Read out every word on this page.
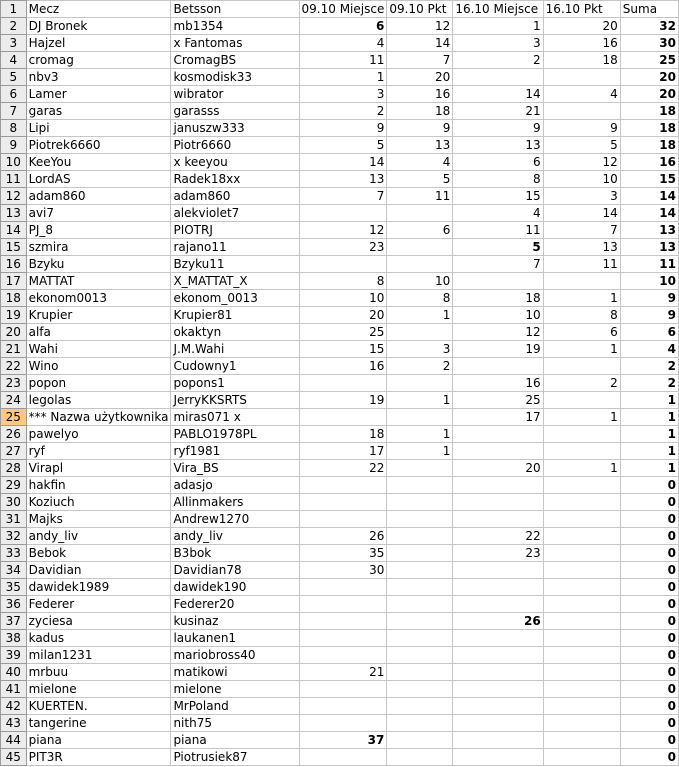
1	Mecz	Betsson	09.10 Miejsce	09.10 Pkt	16.10 Miejsce	16.10 Pkt	Suma
2	DJ Bronek	mb1354	6	12	1	20	32
3	Hajzel	x Fantomas	4	14	3	16	30
4	cromag	CromagBS	11	7	2	18	25
5	nbv3	kosmodisk33	1	20			20
6	Lamer	wibrator	3	16	14	4	20
7	garas	garasss	2	18	21		18
8	Lipi	januszw333	9	9	9	9	18
9	Piotrek6660	Piotr6660	5	13	13	5	18
10	KeeYou	x keeyou	14	4	6	12	16
11	LordAS	Radek18xx	13	5	8	10	15
12	adam860	adam860	7	11	15	3	14
13	avi7	alekviolet7			4	14	14
14	PJ_8	PIOTRJ	12	6	11	7	13
15	szmira	rajano11	23		5	13	13
16	Bzyku	Bzyku11			7	11	11
17	MATTAT	X_MATTAT_X	8	10			10
18	ekonom0013	ekonom_0013	10	8	18	1	9
19	Krupier	Krupier81	20	1	10	8	9
20	alfa	okaktyn	25		12	6	6
21	Wahi	J.M.Wahi	15	3	19	1	4
22	Wino	Cudowny1	16	2			2
23	popon	popons1			16	2	2
24	legolas	JerryKKSRTS	19	1	25		1
25	*** Nazwa użytkownika	miras071 x			17	1	1
26	pawelyo	PABLO1978PL	18	1			1
27	ryf	ryf1981	17	1			1
28	Virapl	Vira_BS	22		20	1	1
29	hakfin	adasjo					0
30	Koziuch	Allinmakers					0
31	Majks	Andrew1270					0
32	andy_liv	andy_liv	26		22		0
33	Bebok	B3bok	35		23		0
34	Davidian	Davidian78	30				0
35	dawidek1989	dawidek190					0
36	Federer	Federer20					0
37	zyciesa	kusinaz			26		0
38	kadus	laukanen1					0
39	milan1231	mariobross40					0
40	mrbuu	matikowi	21				0
41	mielone	mielone					0
42	KUERTEN.	MrPoland					0
43	tangerine	nith75					0
44	piana	piana	37				0
45	PIT3R	Piotrusiek87					0
